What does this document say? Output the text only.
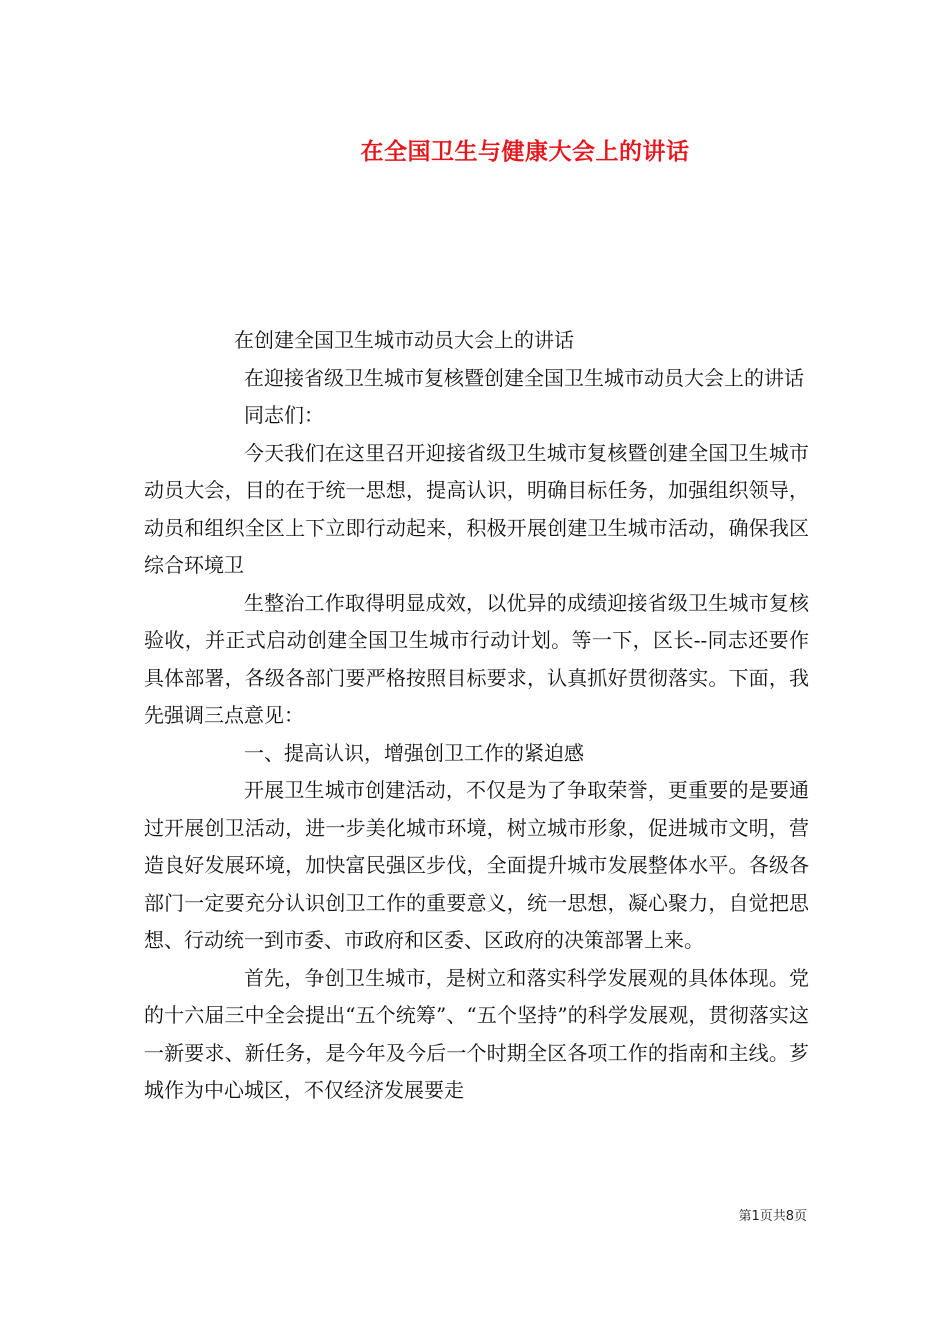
在全国卫生与健康大会上的讲话

在创建全国卫生城市动员大会上的讲话

在迎接省级卫生城市复核暨创建全国卫生城市动员大会上的讲话

同志们：

今天我们在这里召开迎接省级卫生城市复核暨创建全国卫生城市动员大会，目的在于统一思想，提高认识，明确目标任务，加强组织领导，动员和组织全区上下立即行动起来，积极开展创建卫生城市活动，确保我区综合环境卫

生整治工作取得明显成效，以优异的成绩迎接省级卫生城市复核验收，并正式启动创建全国卫生城市行动计划。等一下，区长--同志还要作具体部署，各级各部门要严格按照目标要求，认真抓好贯彻落实。下面，我先强调三点意见：

一、提高认识，增强创卫工作的紧迫感

开展卫生城市创建活动，不仅是为了争取荣誉，更重要的是要通过开展创卫活动，进一步美化城市环境，树立城市形象，促进城市文明，营造良好发展环境，加快富民强区步伐，全面提升城市发展整体水平。各级各部门一定要充分认识创卫工作的重要意义，统一思想，凝心聚力，自觉把思想、行动统一到市委、市政府和区委、区政府的决策部署上来。

首先，争创卫生城市，是树立和落实科学发展观的具体体现。党的十六届三中全会提出“五个统筹”、“五个坚持”的科学发展观，贯彻落实这一新要求、新任务，是今年及今后一个时期全区各项工作的指南和主线。芗城作为中心城区，不仅经济发展要走

第1页共8页
